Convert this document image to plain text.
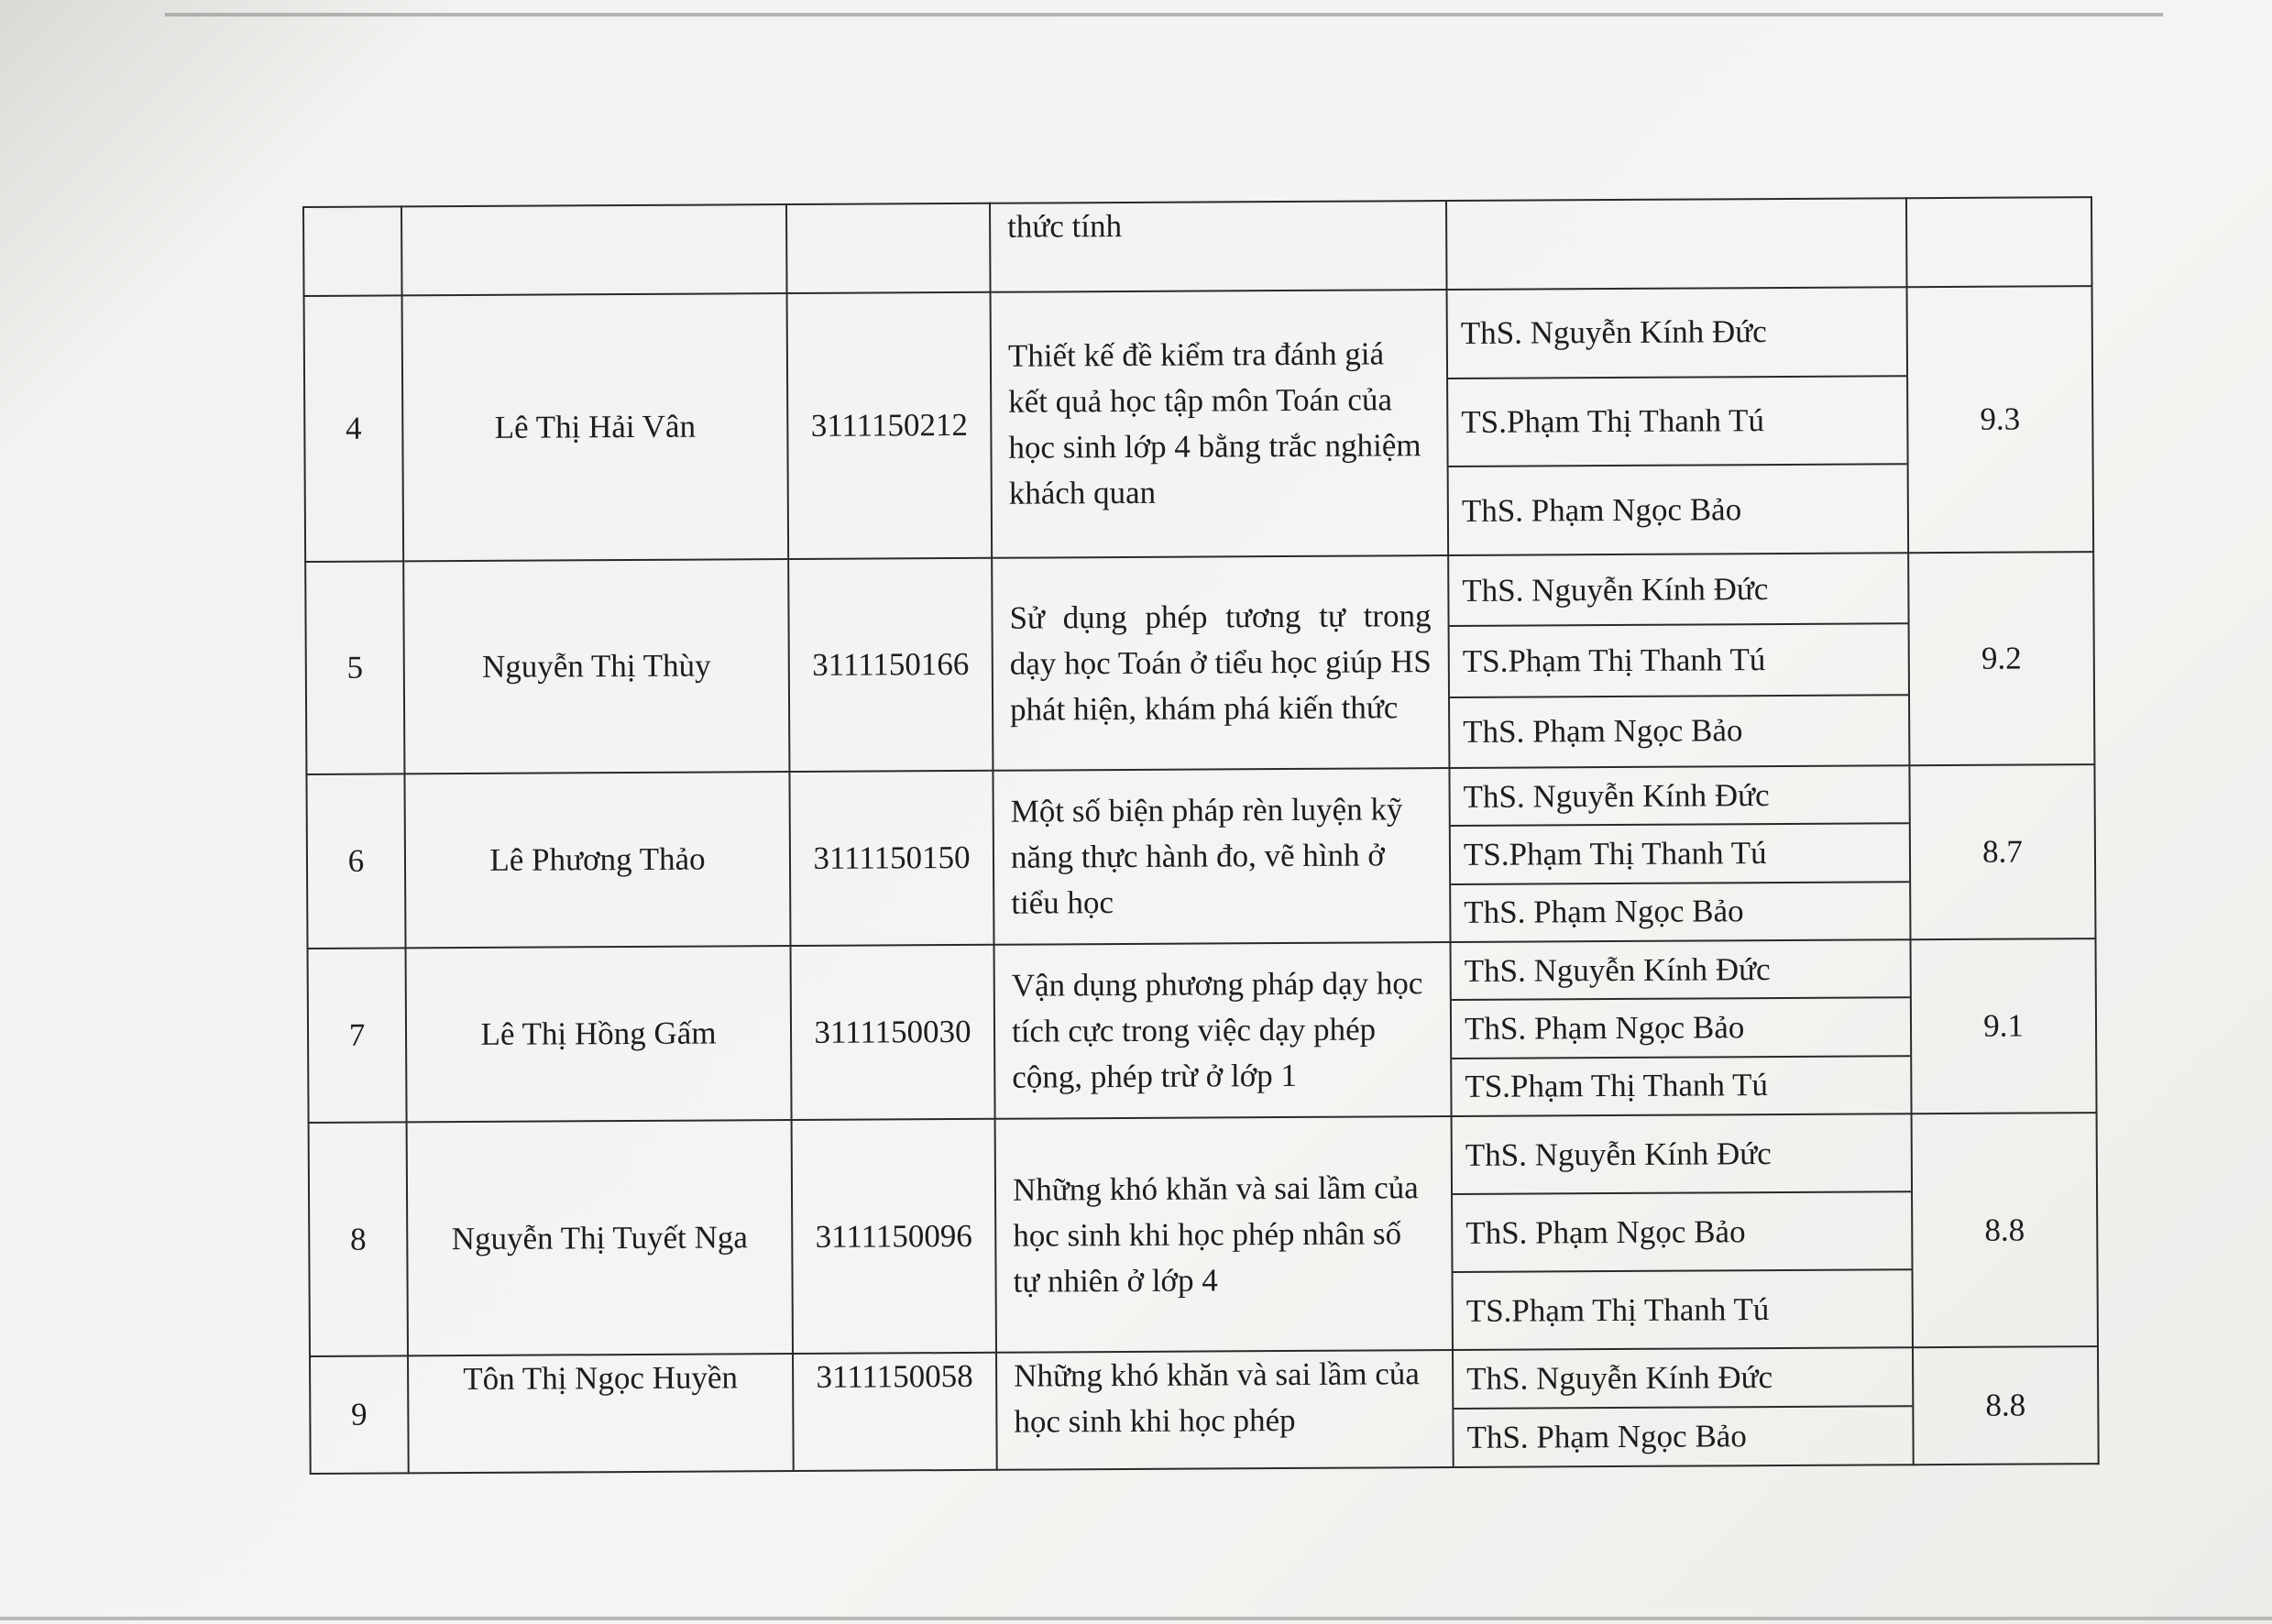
			thức tính		
4	Lê Thị Hải Vân	3111150212	Thiết kế đề kiểm tra đánh giá kết quả học tập môn Toán của học sinh lớp 4 bằng trắc nghiệm khách quan	ThS. Nguyễn Kính Đức
TS.Phạm Thị Thanh Tú
ThS. Phạm Ngọc Bảo	9.3
5	Nguyễn Thị Thùy	3111150166	Sử dụng phép tương tự trong dạy học Toán ở tiểu học giúp HS phát hiện, khám phá kiến thức	ThS. Nguyễn Kính Đức
TS.Phạm Thị Thanh Tú
ThS. Phạm Ngọc Bảo	9.2
6	Lê Phương Thảo	3111150150	Một số biện pháp rèn luyện kỹ năng thực hành đo, vẽ hình ở tiểu học	ThS. Nguyễn Kính Đức
TS.Phạm Thị Thanh Tú
ThS. Phạm Ngọc Bảo	8.7
7	Lê Thị Hồng Gấm	3111150030	Vận dụng phương pháp dạy học tích cực trong việc dạy phép cộng, phép trừ ở lớp 1	ThS. Nguyễn Kính Đức
ThS. Phạm Ngọc Bảo
TS.Phạm Thị Thanh Tú	9.1
8	Nguyễn Thị Tuyết Nga	3111150096	Những khó khăn và sai lầm của học sinh khi học phép nhân số tự nhiên ở lớp 4	ThS. Nguyễn Kính Đức
ThS. Phạm Ngọc Bảo
TS.Phạm Thị Thanh Tú	8.8
9	Tôn Thị Ngọc Huyền	3111150058	Những khó khăn và sai lầm của học sinh khi học phép	ThS. Nguyễn Kính Đức
ThS. Phạm Ngọc Bảo	8.8
